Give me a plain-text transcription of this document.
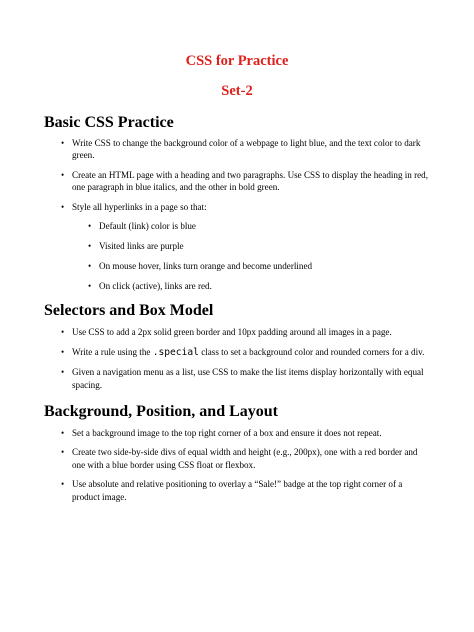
CSS for Practice
Set-2
Basic CSS Practice
• Write CSS to change the background color of a webpage to light blue, and the text color to dark green.
• Create an HTML page with a heading and two paragraphs. Use CSS to display the heading in red, one paragraph in blue italics, and the other in bold green.
• Style all hyperlinks in a page so that:
• Default (link) color is blue
• Visited links are purple
• On mouse hover, links turn orange and become underlined
• On click (active), links are red.
Selectors and Box Model
• Use CSS to add a 2px solid green border and 10px padding around all images in a page.
• Write a rule using the .special class to set a background color and rounded corners for a div.
• Given a navigation menu as a list, use CSS to make the list items display horizontally with equal spacing.
Background, Position, and Layout
• Set a background image to the top right corner of a box and ensure it does not repeat.
• Create two side-by-side divs of equal width and height (e.g., 200px), one with a red border and one with a blue border using CSS float or flexbox.
• Use absolute and relative positioning to overlay a “Sale!” badge at the top right corner of a product image.
